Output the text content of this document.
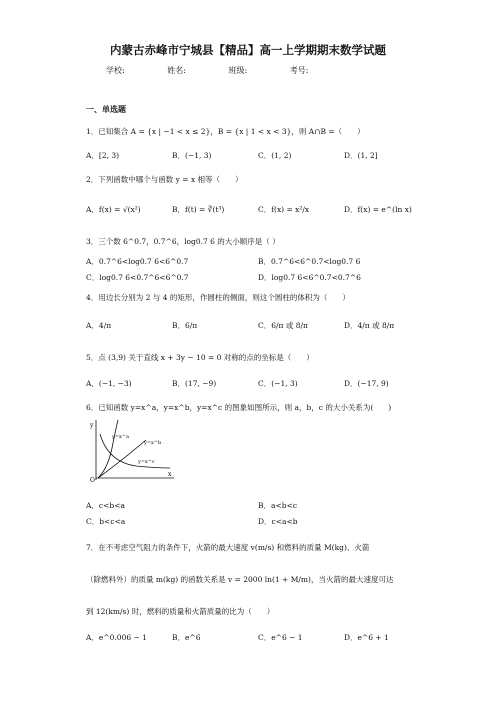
内蒙古赤峰市宁城县【精品】高一上学期期末数学试题
学校:	姓名:	班级:	考号:
一、单选题
1．已知集合 A = {x | −1 < x ≤ 2}，B = {x | 1 < x < 3}，则 A∩B =（　　）
A．[2, 3)	B．(−1, 3)	C．(1, 2)	D．(1, 2]
2．下列函数中哪个与函数 y = x 相等（　　）
A．f(x) = √(x²)	B．f(t) = ∛(t³)	C．f(x) = x²/x	D．f(x) = e^(ln x)
3．三个数 6^0.7，0.7^6，log0.7 6 的大小顺序是（ ）
A．0.7^6<log0.7 6<6^0.7	B．0.7^6<6^0.7<log0.7 6
C．log0.7 6<0.7^6<6^0.7	D．log0.7 6<6^0.7<0.7^6
4．用边长分别为 2 与 4 的矩形，作圆柱的侧面，则这个圆柱的体积为（　　）
A．4/π	B．6/π	C．6/π 或 8/π	D．4/π 或 8/π
5．点 (3,9) 关于直线 x + 3y − 10 = 0 对称的点的坐标是（　　）
A．(−1, −3)	B．(17, −9)	C．(−1, 3)	D．(−17, 9)
6．已知函数 y=x^a，y=x^b，y=x^c 的图象如图所示，则 a，b，c 的大小关系为(　　)
y
O
x
y=x^a
y=x^b
y=x^c
A．c<b<a	B．a<b<c
C．b<c<a	D．c<a<b
7．在不考虑空气阻力的条件下，火箭的最大速度 v(m/s) 和燃料的质量 M(kg)、火箭
（除燃料外）的质量 m(kg) 的函数关系是 v = 2000 ln(1 + M/m)，当火箭的最大速度可达
到 12(km/s) 时，燃料的质量和火箭质量的比为（　　）
A．e^0.006 − 1	B．e^6	C．e^6 − 1	D．e^6 + 1
